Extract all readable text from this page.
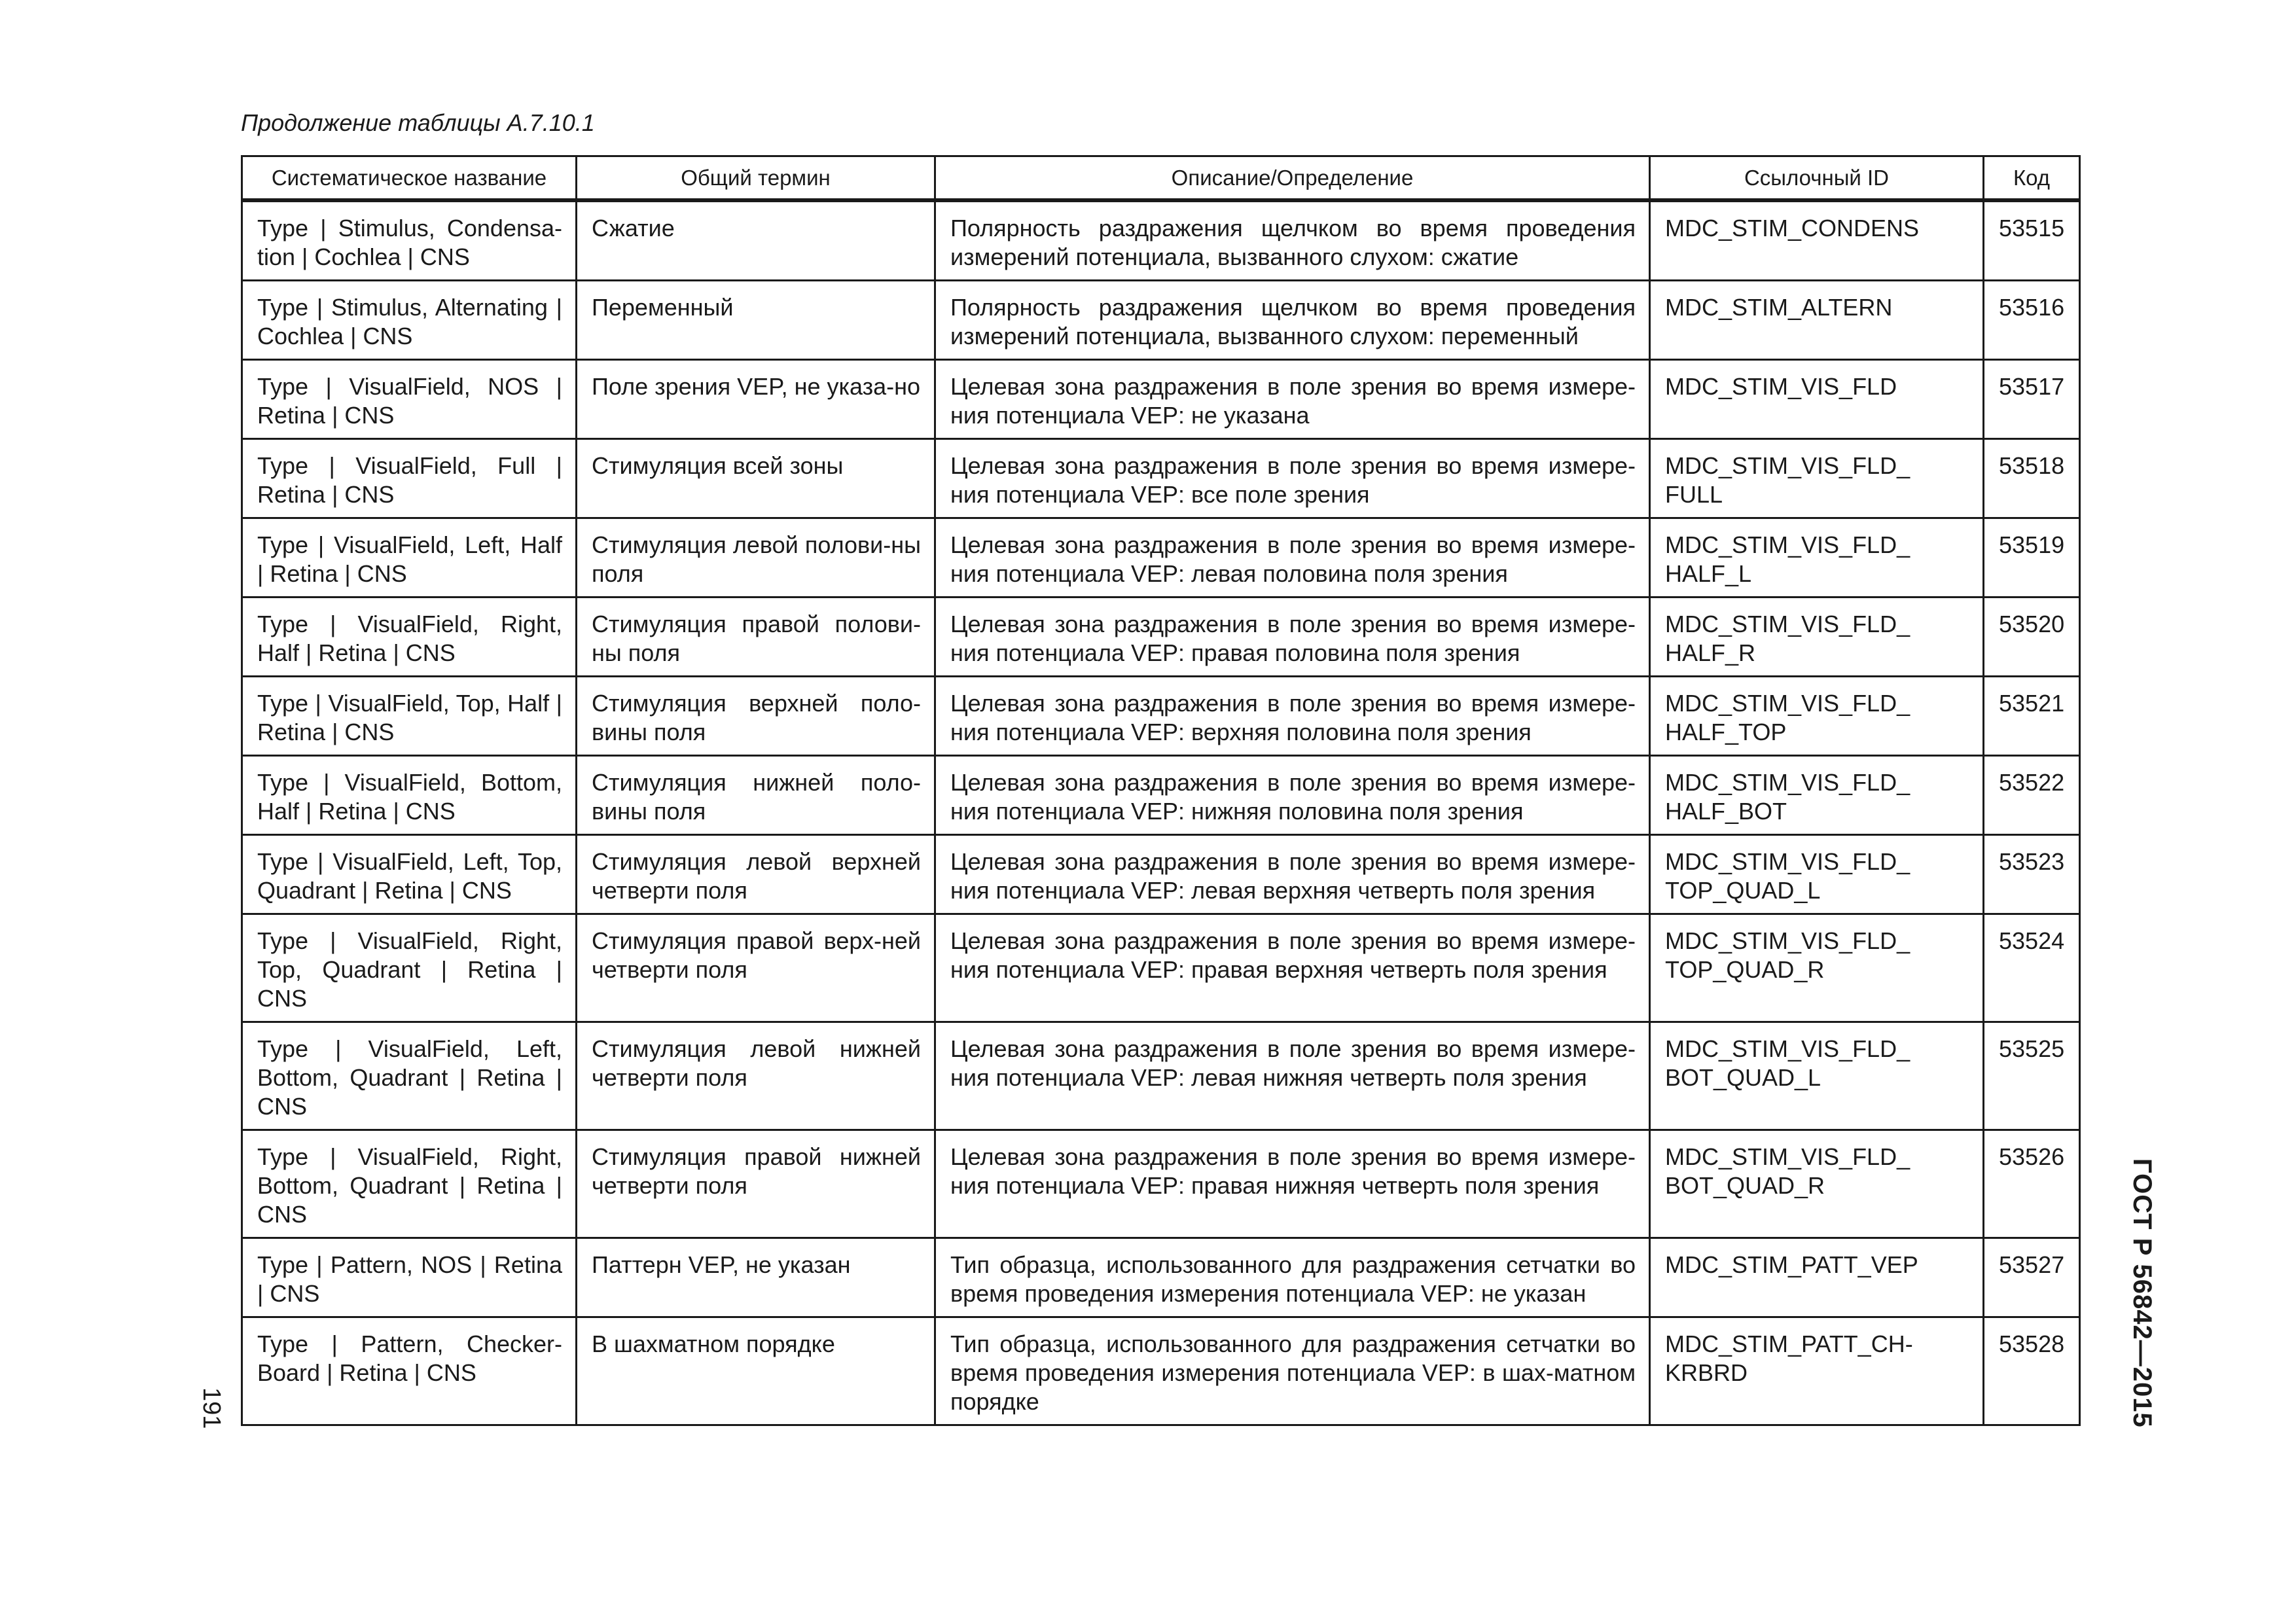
Продолжение таблицы А.7.10.1
Систематическое название	Общий термин	Описание/Определение	Ссылочный ID	Код
Type | Stimulus, Condensa-tion | Cochlea | CNS	Сжатие	Полярность раздражения щелчком во время проведения измерений потенциала, вызванного слухом: сжатие	MDC_STIM_CONDENS	53515
Type | Stimulus, Alternating | Cochlea | CNS	Переменный	Полярность раздражения щелчком во время проведения измерений потенциала, вызванного слухом: переменный	MDC_STIM_ALTERN	53516
Type | VisualField, NOS | Retina | CNS	Поле зрения VEP, не указа-но	Целевая зона раздражения в поле зрения во время измере-ния потенциала VEP: не указана	MDC_STIM_VIS_FLD	53517
Type | VisualField, Full | Retina | CNS	Стимуляция всей зоны	Целевая зона раздражения в поле зрения во время измере-ния потенциала VEP: все поле зрения	MDC_STIM_VIS_FLD_ FULL	53518
Type | VisualField, Left, Half | Retina | CNS	Стимуляция левой полови-ны поля	Целевая зона раздражения в поле зрения во время измере-ния потенциала VEP: левая половина поля зрения	MDC_STIM_VIS_FLD_ HALF_L	53519
Type | VisualField, Right, Half | Retina | CNS	Стимуляция правой полови-ны поля	Целевая зона раздражения в поле зрения во время измере-ния потенциала VEP: правая половина поля зрения	MDC_STIM_VIS_FLD_ HALF_R	53520
Type | VisualField, Top, Half | Retina | CNS	Стимуляция верхней поло-вины поля	Целевая зона раздражения в поле зрения во время измере-ния потенциала VEP: верхняя половина поля зрения	MDC_STIM_VIS_FLD_ HALF_TOP	53521
Type | VisualField, Bottom, Half | Retina | CNS	Стимуляция нижней поло-вины поля	Целевая зона раздражения в поле зрения во время измере-ния потенциала VEP: нижняя половина поля зрения	MDC_STIM_VIS_FLD_ HALF_BOT	53522
Type | VisualField, Left, Top, Quadrant | Retina | CNS	Стимуляция левой верхней четверти поля	Целевая зона раздражения в поле зрения во время измере-ния потенциала VEP: левая верхняя четверть поля зрения	MDC_STIM_VIS_FLD_ TOP_QUAD_L	53523
Type | VisualField, Right, Top, Quadrant | Retina | CNS	Стимуляция правой верх-ней четверти поля	Целевая зона раздражения в поле зрения во время измере-ния потенциала VEP: правая верхняя четверть поля зрения	MDC_STIM_VIS_FLD_ TOP_QUAD_R	53524
Type | VisualField, Left, Bottom, Quadrant | Retina | CNS	Стимуляция левой нижней четверти поля	Целевая зона раздражения в поле зрения во время измере-ния потенциала VEP: левая нижняя четверть поля зрения	MDC_STIM_VIS_FLD_ BOT_QUAD_L	53525
Type | VisualField, Right, Bottom, Quadrant | Retina | CNS	Стимуляция правой нижней четверти поля	Целевая зона раздражения в поле зрения во время измере-ния потенциала VEP: правая нижняя четверть поля зрения	MDC_STIM_VIS_FLD_ BOT_QUAD_R	53526
Type | Pattern, NOS | Retina | CNS	Паттерн VEP, не указан	Тип образца, использованного для раздражения сетчатки во время проведения измерения потенциала VEP: не указан	MDC_STIM_PATT_VEP	53527
Type | Pattern, Checker-Board | Retina | CNS	В шахматном порядке	Тип образца, использованного для раздражения сетчатки во время проведения измерения потенциала VEP: в шах-матном порядке	MDC_STIM_PATT_CH-KRBRD	53528 ГОСТ Р 56842—2015
191
